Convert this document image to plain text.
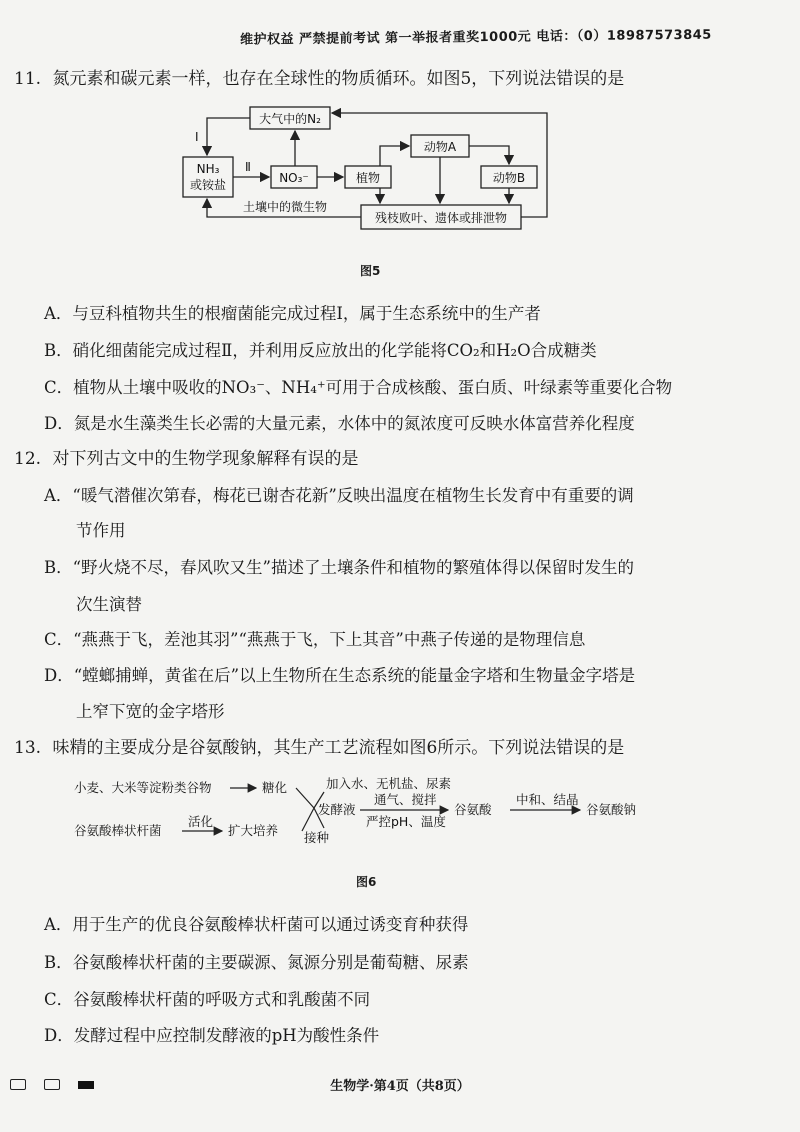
维护权益 严禁提前考试 第一举报者重奖1000元 电话：（0）18987573845
11. 氮元素和碳元素一样，也存在全球性的物质循环。如图5，下列说法错误的是
大气中的N₂
NH₃
或铵盐	NO₃⁻	植物
动物A
动物B
残枝败叶、遗体或排泄物
土壤中的微生物
Ⅰ
Ⅱ
图5
A．与豆科植物共生的根瘤菌能完成过程Ⅰ，属于生态系统中的生产者
B．硝化细菌能完成过程Ⅱ，并利用反应放出的化学能将CO₂和H₂O合成糖类
C．植物从土壤中吸收的NO₃⁻、NH₄⁺可用于合成核酸、蛋白质、叶绿素等重要化合物
D．氮是水生藻类生长必需的大量元素，水体中的氮浓度可反映水体富营养化程度
12. 对下列古文中的生物学现象解释有误的是
A．“暖气潜催次第春，梅花已谢杏花新”反映出温度在植物生长发育中有重要的调
节作用
B．“野火烧不尽，春风吹又生”描述了土壤条件和植物的繁殖体得以保留时发生的
次生演替
C．“燕燕于飞，差池其羽”“燕燕于飞，下上其音”中燕子传递的是物理信息
D．“螳螂捕蝉，黄雀在后”以上生物所在生态系统的能量金字塔和生物量金字塔是
上窄下宽的金字塔形
13. 味精的主要成分是谷氨酸钠，其生产工艺流程如图6所示。下列说法错误的是
小麦、大米等淀粉类谷物	糖化	加入水、无机盐、尿素
发酵液
通气、搅拌
严控pH、温度
谷氨酸
中和、结晶
谷氨酸钠
谷氨酸棒状杆菌
活化
扩大培养 接种
图6
A．用于生产的优良谷氨酸棒状杆菌可以通过诱变育种获得
B．谷氨酸棒状杆菌的主要碳源、氮源分别是葡萄糖、尿素
C．谷氨酸棒状杆菌的呼吸方式和乳酸菌不同
D．发酵过程中应控制发酵液的pH为酸性条件

生物学·第4页（共8页）
